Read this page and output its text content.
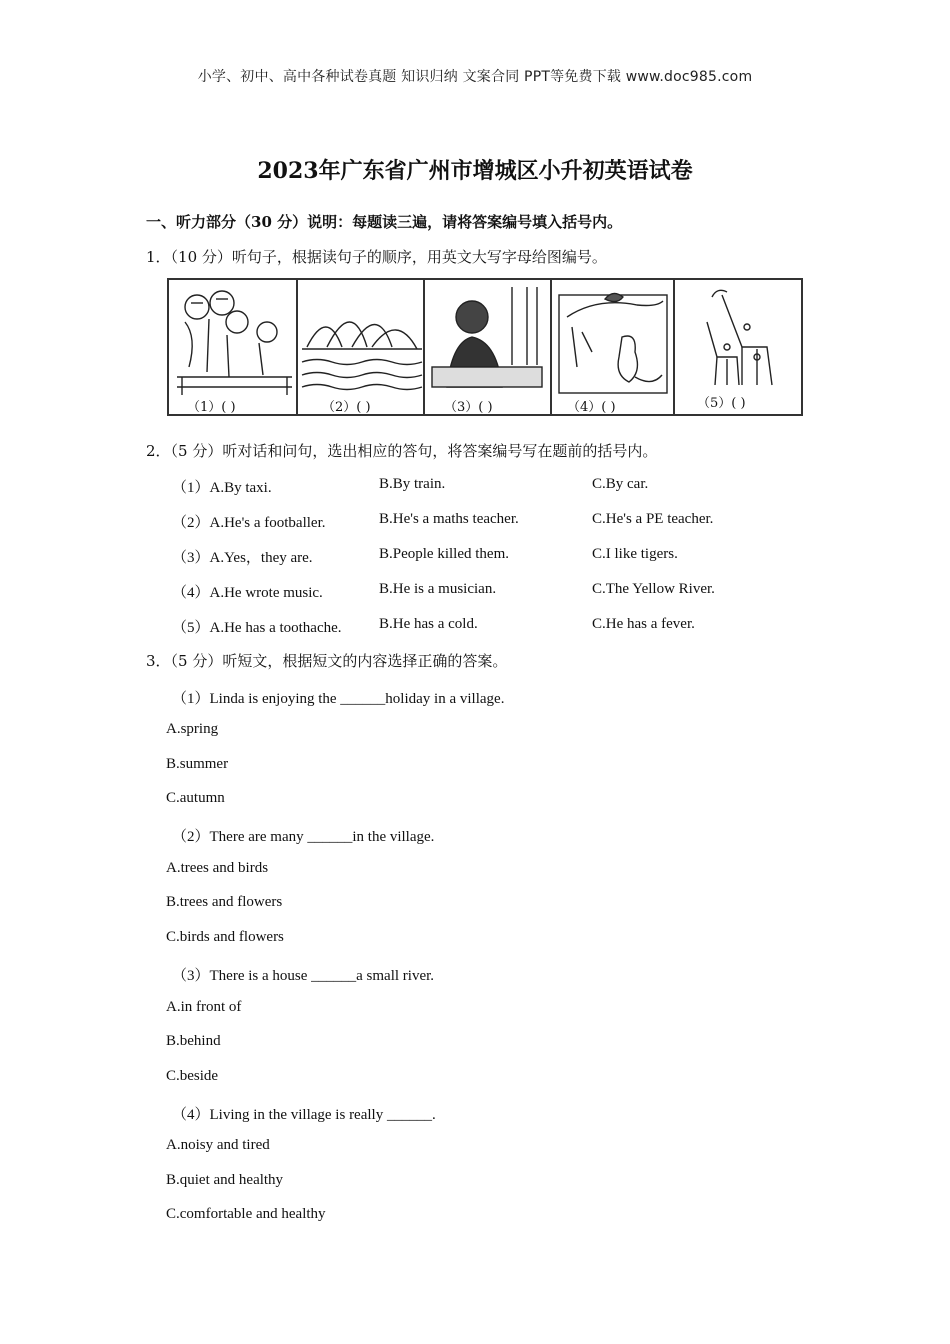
小学、初中、高中各种试卷真题 知识归纳 文案合同 PPT等免费下载 www.doc985.com
2023年广东省广州市增城区小升初英语试卷
一、听力部分（30 分）说明：每题读三遍，请将答案编号填入括号内。
1．（10 分）听句子，根据读句子的顺序，用英文大写字母给图编号。
（1）( )	（2）( )	（3）( )	（4）( )	（5）( )
2．（5 分）听对话和问句，选出相应的答句，将答案编号写在题前的括号内。
（1）A.By taxi.	B.By train.	C.By car.
（2）A.He's a footballer.	B.He's a maths teacher.	C.He's a PE teacher.
（3）A.Yes，they are.	B.People killed them.	C.I like tigers.
（4）A.He wrote music.	B.He is a musician.	C.The Yellow River.
（5）A.He has a toothache. B.He has a cold.	C.He has a fever.
3．（5 分）听短文，根据短文的内容选择正确的答案。
（1）Linda is enjoying the ______holiday in a village.
A.spring
B.summer
C.autumn
（2）There are many ______in the village.
A.trees and birds
B.trees and flowers
C.birds and flowers
（3）There is a house ______a small river.
A.in front of
B.behind
C.beside
（4）Living in the village is really ______.
A.noisy and tired
B.quiet and healthy
C.comfortable and healthy
